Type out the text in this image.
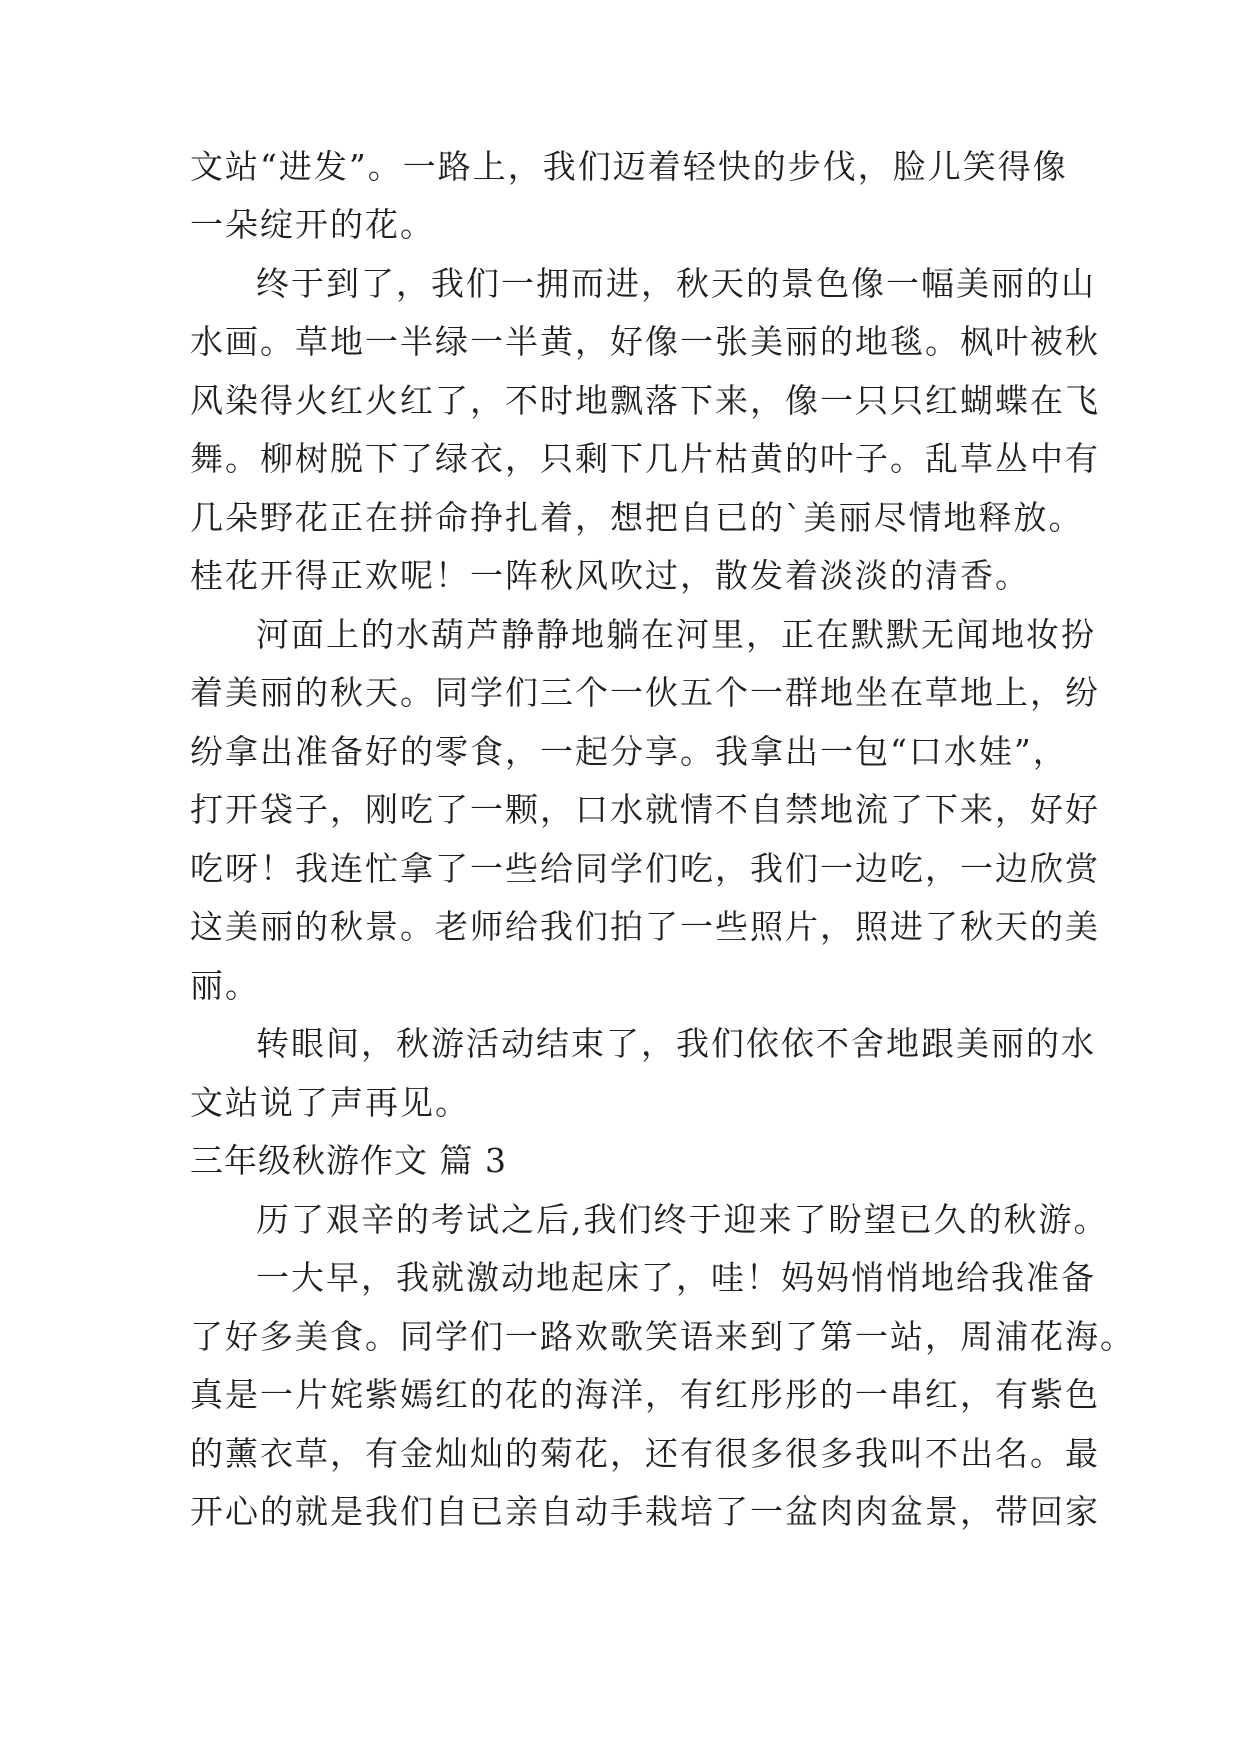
文站“进发”。一路上，我们迈着轻快的步伐，脸儿笑得像
一朵绽开的花。
终于到了，我们一拥而进，秋天的景色像一幅美丽的山
水画。草地一半绿一半黄，好像一张美丽的地毯。枫叶被秋
风染得火红火红了，不时地飘落下来，像一只只红蝴蝶在飞
舞。柳树脱下了绿衣，只剩下几片枯黄的叶子。乱草丛中有
几朵野花正在拼命挣扎着，想把自已的`美丽尽情地释放。
桂花开得正欢呢！一阵秋风吹过，散发着淡淡的清香。
河面上的水葫芦静静地躺在河里，正在默默无闻地妆扮
着美丽的秋天。同学们三个一伙五个一群地坐在草地上，纷
纷拿出准备好的零食，一起分享。我拿出一包“口水娃”，
打开袋子，刚吃了一颗，口水就情不自禁地流了下来，好好
吃呀！我连忙拿了一些给同学们吃，我们一边吃，一边欣赏
这美丽的秋景。老师给我们拍了一些照片，照进了秋天的美
丽。
转眼间，秋游活动结束了，我们依依不舍地跟美丽的水
文站说了声再见。
三年级秋游作文 篇 3
历了艰辛的考试之后,我们终于迎来了盼望已久的秋游。
一大早，我就激动地起床了，哇！妈妈悄悄地给我准备
了好多美食。同学们一路欢歌笑语来到了第一站，周浦花海。
真是一片姹紫嫣红的花的海洋，有红彤彤的一串红，有紫色
的薰衣草，有金灿灿的菊花，还有很多很多我叫不出名。最
开心的就是我们自已亲自动手栽培了一盆肉肉盆景，带回家
